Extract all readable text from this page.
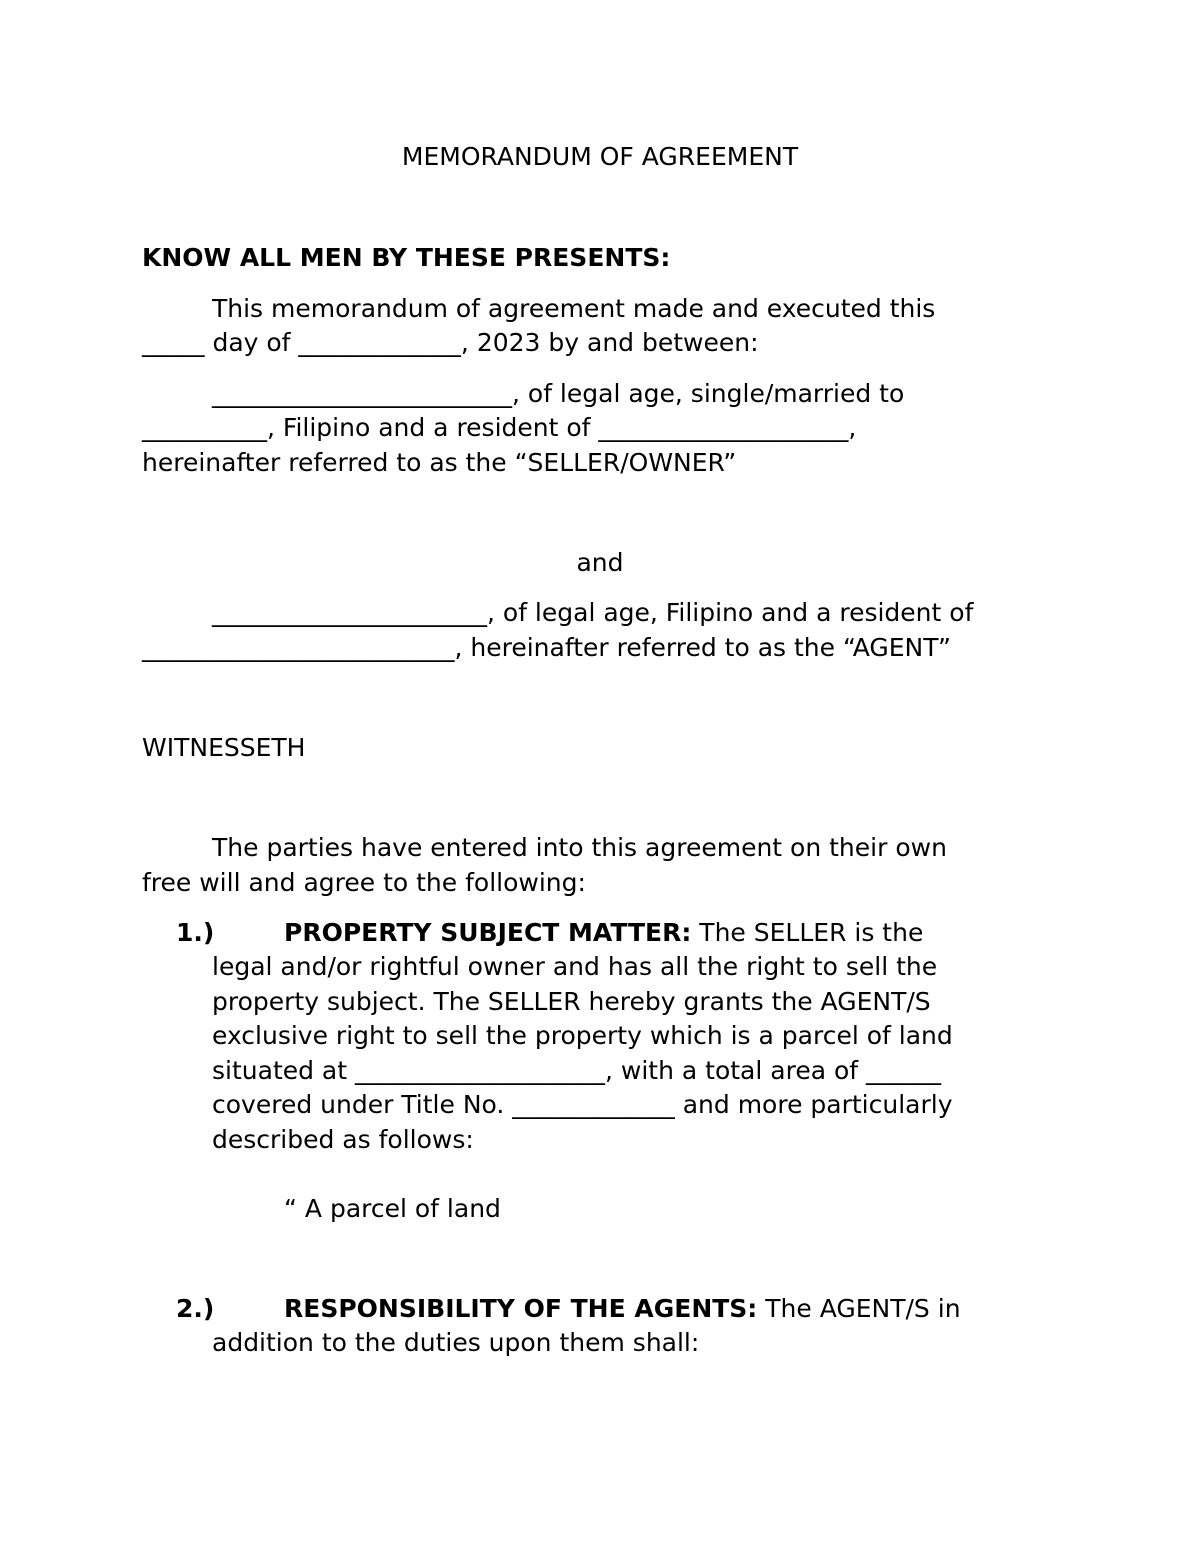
MEMORANDUM OF AGREEMENT
KNOW ALL MEN BY THESE PRESENTS:
This memorandum of agreement made and executed this
_____ day of _____________, 2023 by and between:
________________________, of legal age, single/married to
__________, Filipino and a resident of ____________________,
hereinafter referred to as the “SELLER/OWNER”
and
______________________, of legal age, Filipino and a resident of
_________________________, hereinafter referred to as the “AGENT”
WITNESSETH
The parties have entered into this agreement on their own
free will and agree to the following:
1.)	PROPERTY SUBJECT MATTER: The SELLER is the
legal and/or rightful owner and has all the right to sell the
property subject. The SELLER hereby grants the AGENT/S
exclusive right to sell the property which is a parcel of land
situated at ____________________, with a total area of ______
covered under Title No. _____________ and more particularly
described as follows:
“ A parcel of land
2.)	RESPONSIBILITY OF THE AGENTS: The AGENT/S in
addition to the duties upon them shall:
